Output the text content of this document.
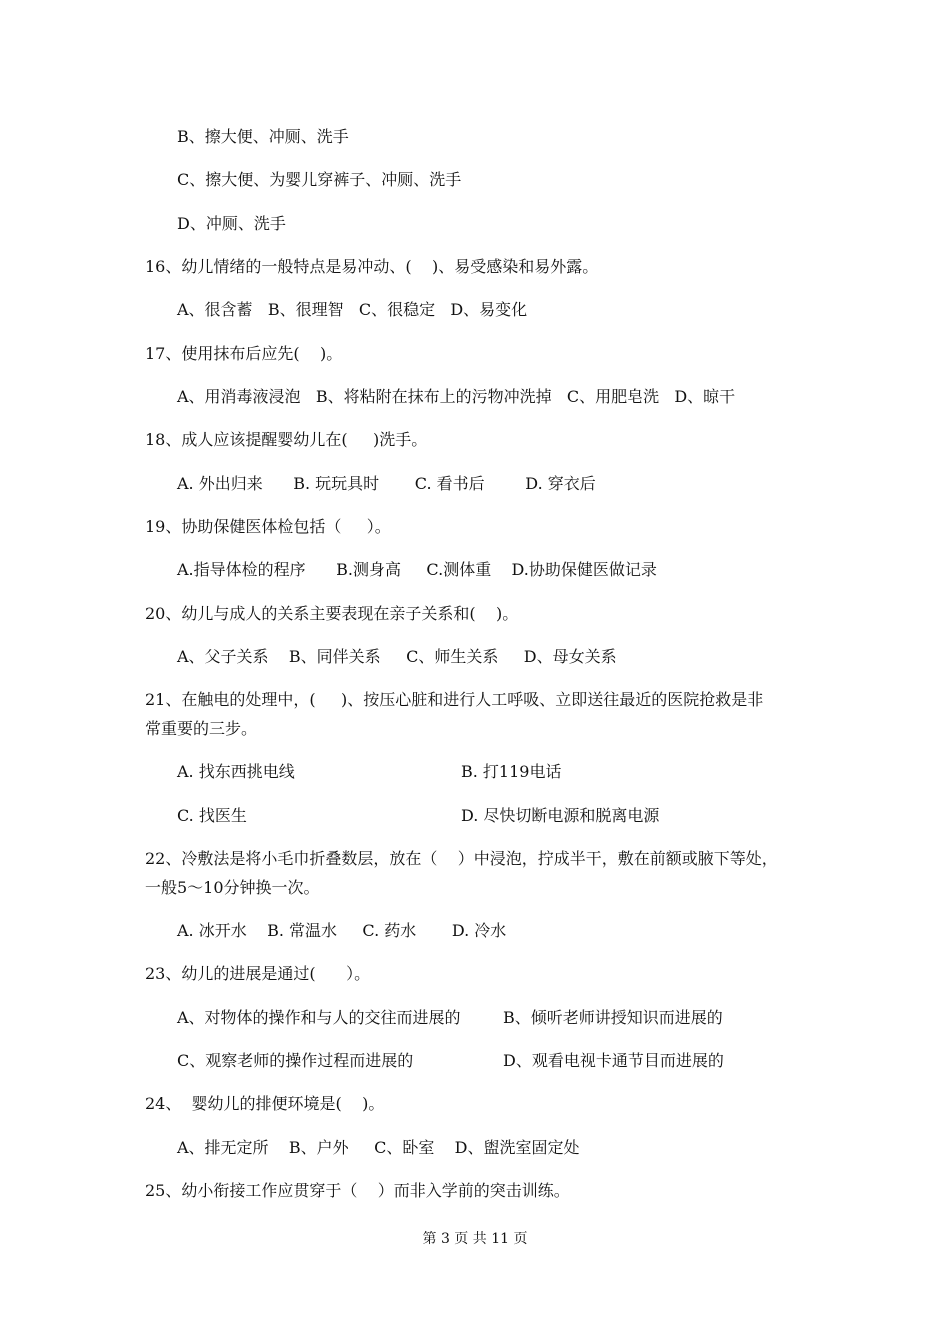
B、擦大便、冲厕、洗手
C、擦大便、为婴儿穿裤子、冲厕、洗手
D、冲厕、洗手
16、幼儿情绪的一般特点是易冲动、(    )、易受感染和易外露。
A、很含蓄   B、很理智   C、很稳定   D、易变化
17、使用抹布后应先(    )。
A、用消毒液浸泡   B、将粘附在抹布上的污物冲洗掉   C、用肥皂洗   D、晾干
18、成人应该提醒婴幼儿在(     )洗手。
A. 外出归来      B. 玩玩具时       C. 看书后        D. 穿衣后
19、协助保健医体检包括（     ）。
A.指导体检的程序      B.测身高     C.测体重    D.协助保健医做记录
20、幼儿与成人的关系主要表现在亲子关系和(    )。
A、父子关系    B、同伴关系     C、师生关系     D、母女关系
21、在触电的处理中，(     )、按压心脏和进行人工呼吸、立即送往最近的医院抢救是非
常重要的三步。
A. 找东西挑电线	B. 打119电话
C. 找医生	D. 尽快切断电源和脱离电源
22、冷敷法是将小毛巾折叠数层，放在（    ）中浸泡，拧成半干，敷在前额或腋下等处，
一般5～10分钟换一次。
A. 冰开水    B. 常温水     C. 药水       D. 冷水
23、幼儿的进展是通过(      ）。
A、对物体的操作和与人的交往而进展的	B、倾听老师讲授知识而进展的
C、观察老师的操作过程而进展的	D、观看电视卡通节目而进展的
24、  婴幼儿的排便环境是(    )。
A、排无定所    B、户外     C、卧室    D、盥洗室固定处
25、幼小衔接工作应贯穿于（    ）而非入学前的突击训练。
第 3 页 共 11 页
